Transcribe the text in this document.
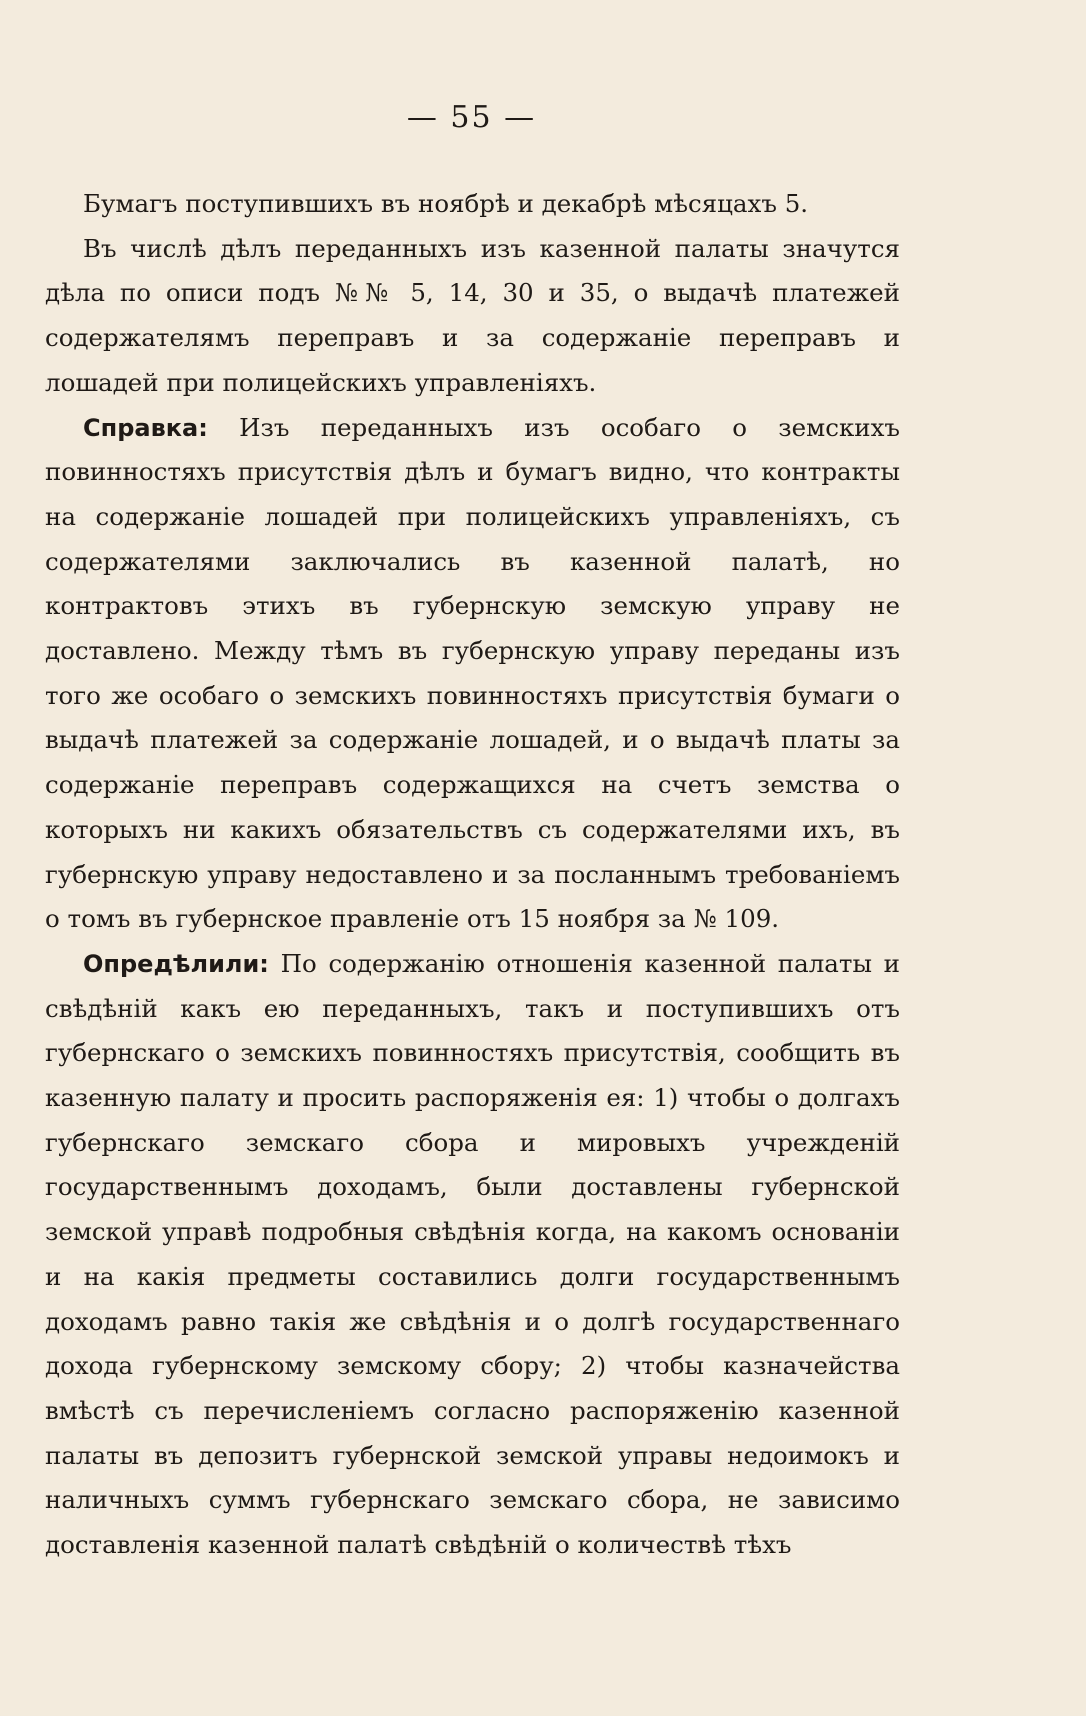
— 55 —

Бумагъ поступившихъ въ ноябрѣ и декабрѣ мѣсяцахъ 5.

Въ числѣ дѣлъ переданныхъ изъ казенной палаты значутся дѣла по описи подъ №№ 5, 14, 30 и 35, о выдачѣ платежей содержателямъ переправъ и за содержаніе переправъ и лошадей при полицейскихъ управленіяхъ.

Справка: Изъ переданныхъ изъ особаго о земскихъ повинностяхъ присутствія дѣлъ и бумагъ видно, что контракты на содержаніе лошадей при полицейскихъ управленіяхъ, съ содержателями заключались въ казенной палатѣ, но контрактовъ этихъ въ губернскую земскую управу не доставлено. Между тѣмъ въ губернскую управу переданы изъ того же особаго о земскихъ повинностяхъ присутствія бумаги о выдачѣ платежей за содержаніе лошадей, и о выдачѣ платы за содержаніе переправъ содержащихся на счетъ земства о которыхъ ни какихъ обязательствъ съ содержателями ихъ, въ губернскую управу недоставлено и за посланнымъ требованіемъ о томъ въ губернское правленіе отъ 15 ноября за № 109.

Опредѣлили: По содержанію отношенія казенной палаты и свѣдѣній какъ ею переданныхъ, такъ и поступившихъ отъ губернскаго о земскихъ повинностяхъ присутствія, сообщить въ казенную палату и просить распоряженія ея: 1) чтобы о долгахъ губернскаго земскаго сбора и мировыхъ учрежденій государственнымъ доходамъ, были доставлены губернской земской управѣ подробныя свѣдѣнія когда, на какомъ основаніи и на какія предметы составились долги государственнымъ доходамъ равно такія же свѣдѣнія и о долгѣ государственнаго дохода губернскому земскому сбору; 2) чтобы казначейства вмѣстѣ съ перечисленіемъ согласно распоряженію казенной палаты въ депозитъ губернской земской управы недоимокъ и наличныхъ суммъ губернскаго земскаго сбора, не зависимо доставленія казенной палатѣ свѣдѣній о количествѣ тѣхъ
